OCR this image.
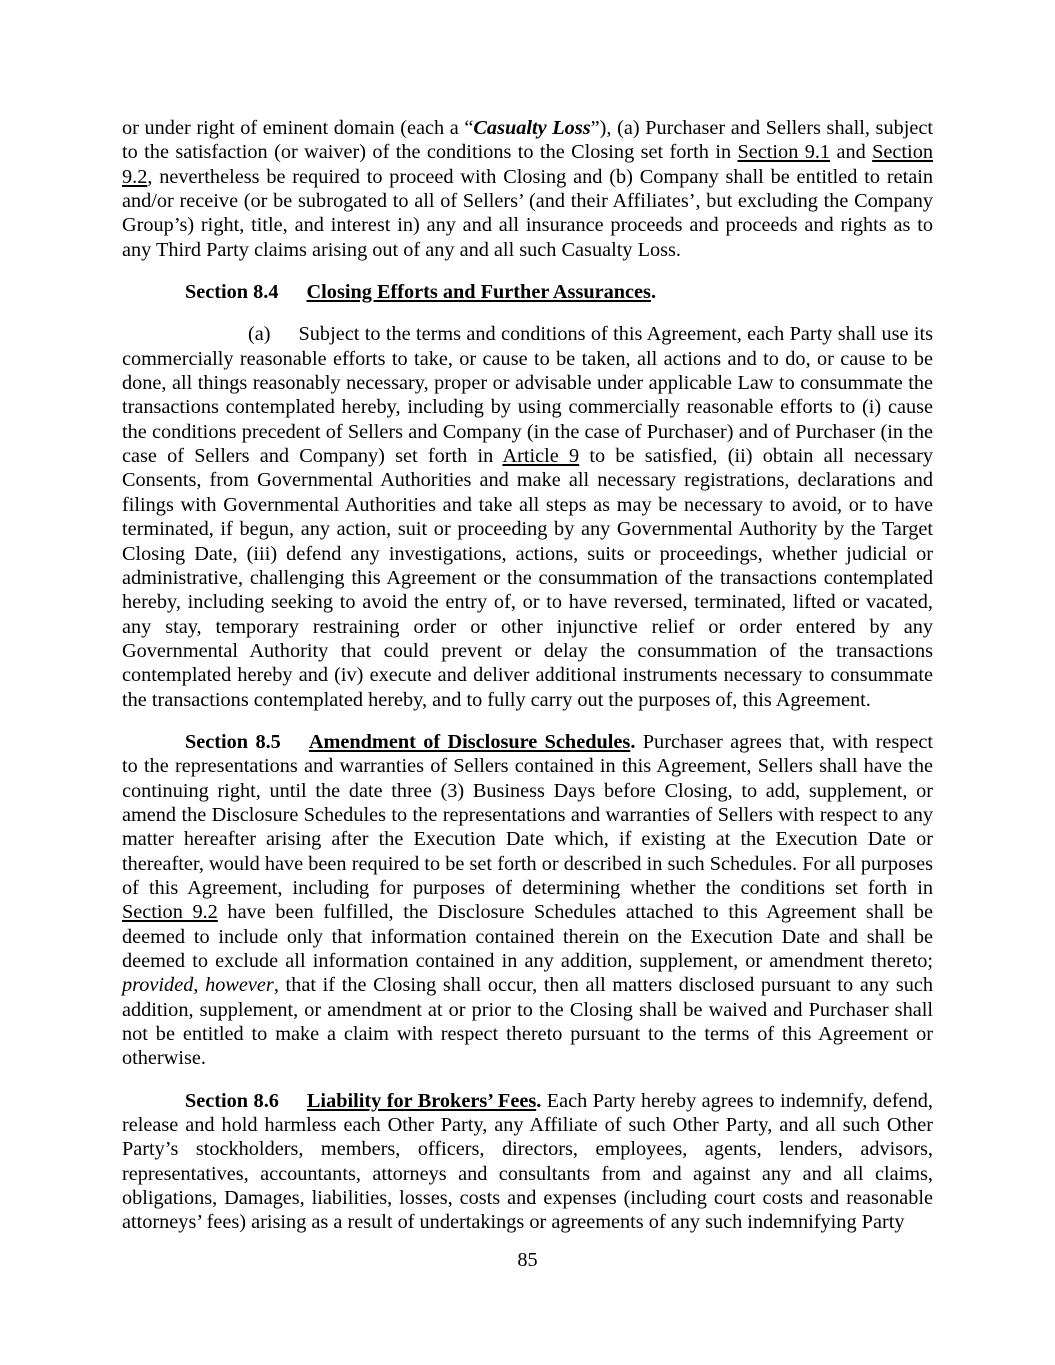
or under right of eminent domain (each a “Casualty Loss”), (a) Purchaser and Sellers shall, subject to the satisfaction (or waiver) of the conditions to the Closing set forth in Section 9.1 and Section 9.2, nevertheless be required to proceed with Closing and (b) Company shall be entitled to retain and/or receive (or be subrogated to all of Sellers’ (and their Affiliates’, but excluding the Company Group’s) right, title, and interest in) any and all insurance proceeds and proceeds and rights as to any Third Party claims arising out of any and all such Casualty Loss.

Section 8.4 Closing Efforts and Further Assurances.

(a) Subject to the terms and conditions of this Agreement, each Party shall use its commercially reasonable efforts to take, or cause to be taken, all actions and to do, or cause to be done, all things reasonably necessary, proper or advisable under applicable Law to consummate the transactions contemplated hereby, including by using commercially reasonable efforts to (i) cause the conditions precedent of Sellers and Company (in the case of Purchaser) and of Purchaser (in the case of Sellers and Company) set forth in Article 9 to be satisfied, (ii) obtain all necessary Consents, from Governmental Authorities and make all necessary registrations, declarations and filings with Governmental Authorities and take all steps as may be necessary to avoid, or to have terminated, if begun, any action, suit or proceeding by any Governmental Authority by the Target Closing Date, (iii) defend any investigations, actions, suits or proceedings, whether judicial or administrative, challenging this Agreement or the consummation of the transactions contemplated hereby, including seeking to avoid the entry of, or to have reversed, terminated, lifted or vacated, any stay, temporary restraining order or other injunctive relief or order entered by any Governmental Authority that could prevent or delay the consummation of the transactions contemplated hereby and (iv) execute and deliver additional instruments necessary to consummate the transactions contemplated hereby, and to fully carry out the purposes of, this Agreement.

Section 8.5 Amendment of Disclosure Schedules. Purchaser agrees that, with respect to the representations and warranties of Sellers contained in this Agreement, Sellers shall have the continuing right, until the date three (3) Business Days before Closing, to add, supplement, or amend the Disclosure Schedules to the representations and warranties of Sellers with respect to any matter hereafter arising after the Execution Date which, if existing at the Execution Date or thereafter, would have been required to be set forth or described in such Schedules. For all purposes of this Agreement, including for purposes of determining whether the conditions set forth in Section 9.2 have been fulfilled, the Disclosure Schedules attached to this Agreement shall be deemed to include only that information contained therein on the Execution Date and shall be deemed to exclude all information contained in any addition, supplement, or amendment thereto; provided, however, that if the Closing shall occur, then all matters disclosed pursuant to any such addition, supplement, or amendment at or prior to the Closing shall be waived and Purchaser shall not be entitled to make a claim with respect thereto pursuant to the terms of this Agreement or otherwise.

Section 8.6 Liability for Brokers’ Fees. Each Party hereby agrees to indemnify, defend, release and hold harmless each Other Party, any Affiliate of such Other Party, and all such Other Party’s stockholders, members, officers, directors, employees, agents, lenders, advisors, representatives, accountants, attorneys and consultants from and against any and all claims, obligations, Damages, liabilities, losses, costs and expenses (including court costs and reasonable attorneys’ fees) arising as a result of undertakings or agreements of any such indemnifying Party

85
